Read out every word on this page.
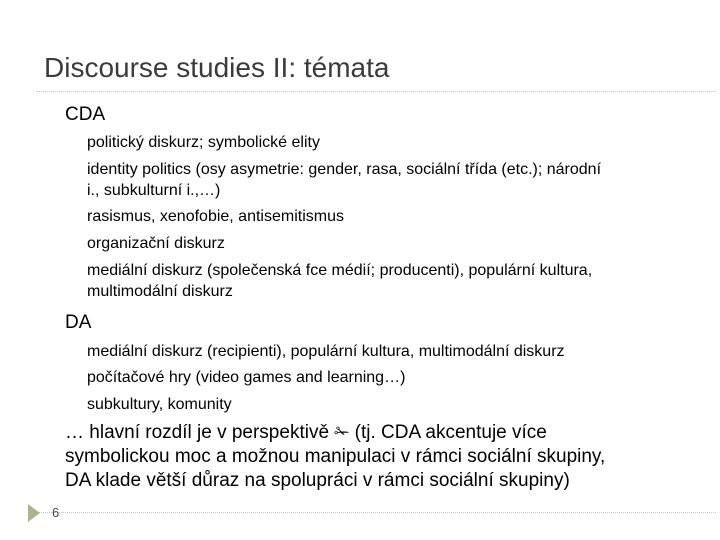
Discourse studies II: témata
CDA
politický diskurz; symbolické elity
identity politics (osy asymetrie: gender, rasa, sociální třída (etc.); národní
i., subkulturní i.,…)
rasismus, xenofobie, antisemitismus
organizační diskurz
mediální diskurz (společenská fce médií; producenti), populární kultura,
multimodální diskurz
DA
mediální diskurz (recipienti), populární kultura, multimodální diskurz
počítačové hry (video games and learning…)
subkultury, komunity
… hlavní rozdíl je v perspektivě ✁ (tj. CDA akcentuje více
symbolickou moc a možnou manipulaci v rámci sociální skupiny,
DA klade větší důraz na spolupráci v rámci sociální skupiny)
6
